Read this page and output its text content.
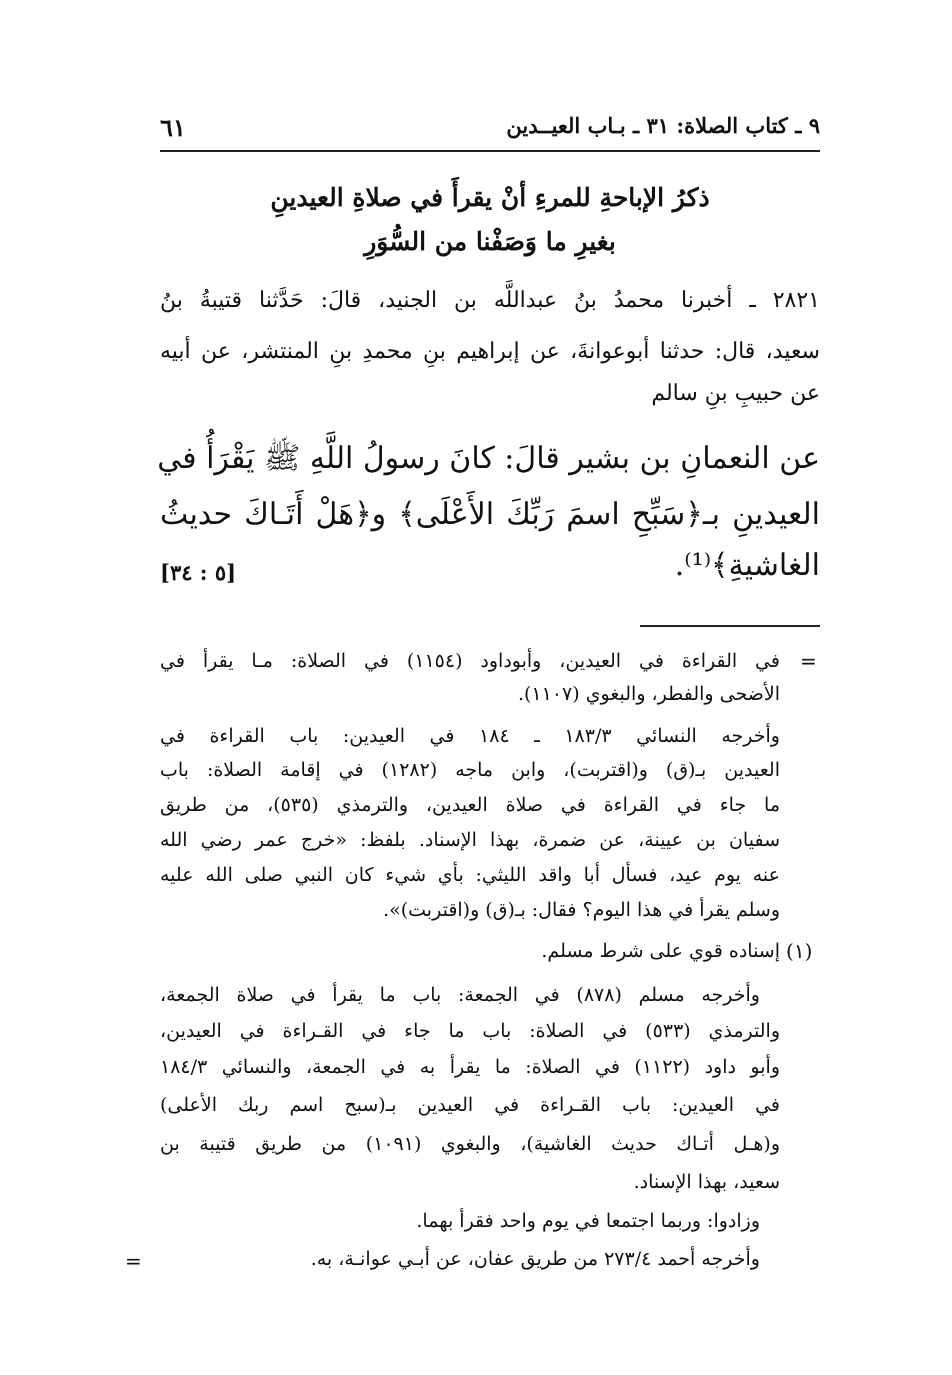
٩ ـ كتاب الصلاة: ٣١ ـ بـاب العيــدين
٦١
ذكرُ الإباحةِ للمرءِ أنْ يقرأَ في صلاةِ العيدينِ
بغيرِ ما وَصَفْنا من السُّوَرِ
٢٨٢١ ـ أخبرنا محمدُ بنُ عبداللَّه بن الجنيد، قالَ: حَدَّثنا قتيبةُ بنُ
سعيد، قال: حدثنا أبوعوانةَ، عن إبراهيم بنِ محمدِ بنِ المنتشر، عن أبيه
عن حبيبِ بنِ سالم
عن النعمانِ بن بشير قالَ: كانَ رسولُ اللَّهِ ﷺ يَقْرَأُ في
العيدينِ بـ﴿سَبِّحِ اسمَ رَبِّكَ الأَعْلَى﴾ و﴿هَلْ أَتَـاكَ حديثُ
الغاشيةِ﴾⁽¹⁾.
[٥ : ٣٤]
=
في القراءة في العيدين، وأبوداود (١١٥٤) في الصلاة: مـا يقرأ في
الأضحى والفطر، والبغوي (١١٠٧).
وأخرجه النسائي ١٨٣/٣ ـ ١٨٤ في العيدين: باب القراءة في
العيدين بـ(ق) و(اقتربت)، وابن ماجه (١٢٨٢) في إقامة الصلاة: باب
ما جاء في القراءة في صلاة العيدين، والترمذي (٥٣٥)، من طريق
سفيان بن عيينة، عن ضمرة، بهذا الإسناد. بلفظ: «خرج عمر رضي الله
عنه يوم عيد، فسأل أبا واقد الليثي: بأي شيء كان النبي صلى الله عليه
وسلم يقرأ في هذا اليوم؟ فقال: بـ(ق) و(اقتربت)».
(١)
إسناده قوي على شرط مسلم.
وأخرجه مسلم (٨٧٨) في الجمعة: باب ما يقرأ في صلاة الجمعة،
والترمذي (٥٣٣) في الصلاة: باب ما جاء في القـراءة في العيدين،
وأبو داود (١١٢٢) في الصلاة: ما يقرأ به في الجمعة، والنسائي ١٨٤/٣
في العيدين: باب القـراءة في العيدين بـ(سبح اسم ربك الأعلى)
و(هـل أتـاك حديث الغاشية)، والبغوي (١٠٩١) من طريق قتيبة بن
سعيد، بهذا الإسناد.
وزادوا: وربما اجتمعا في يوم واحد فقرأ بهما.
وأخرجه أحمد ٢٧٣/٤ من طريق عفان، عن أبـي عوانـة، به.
=
